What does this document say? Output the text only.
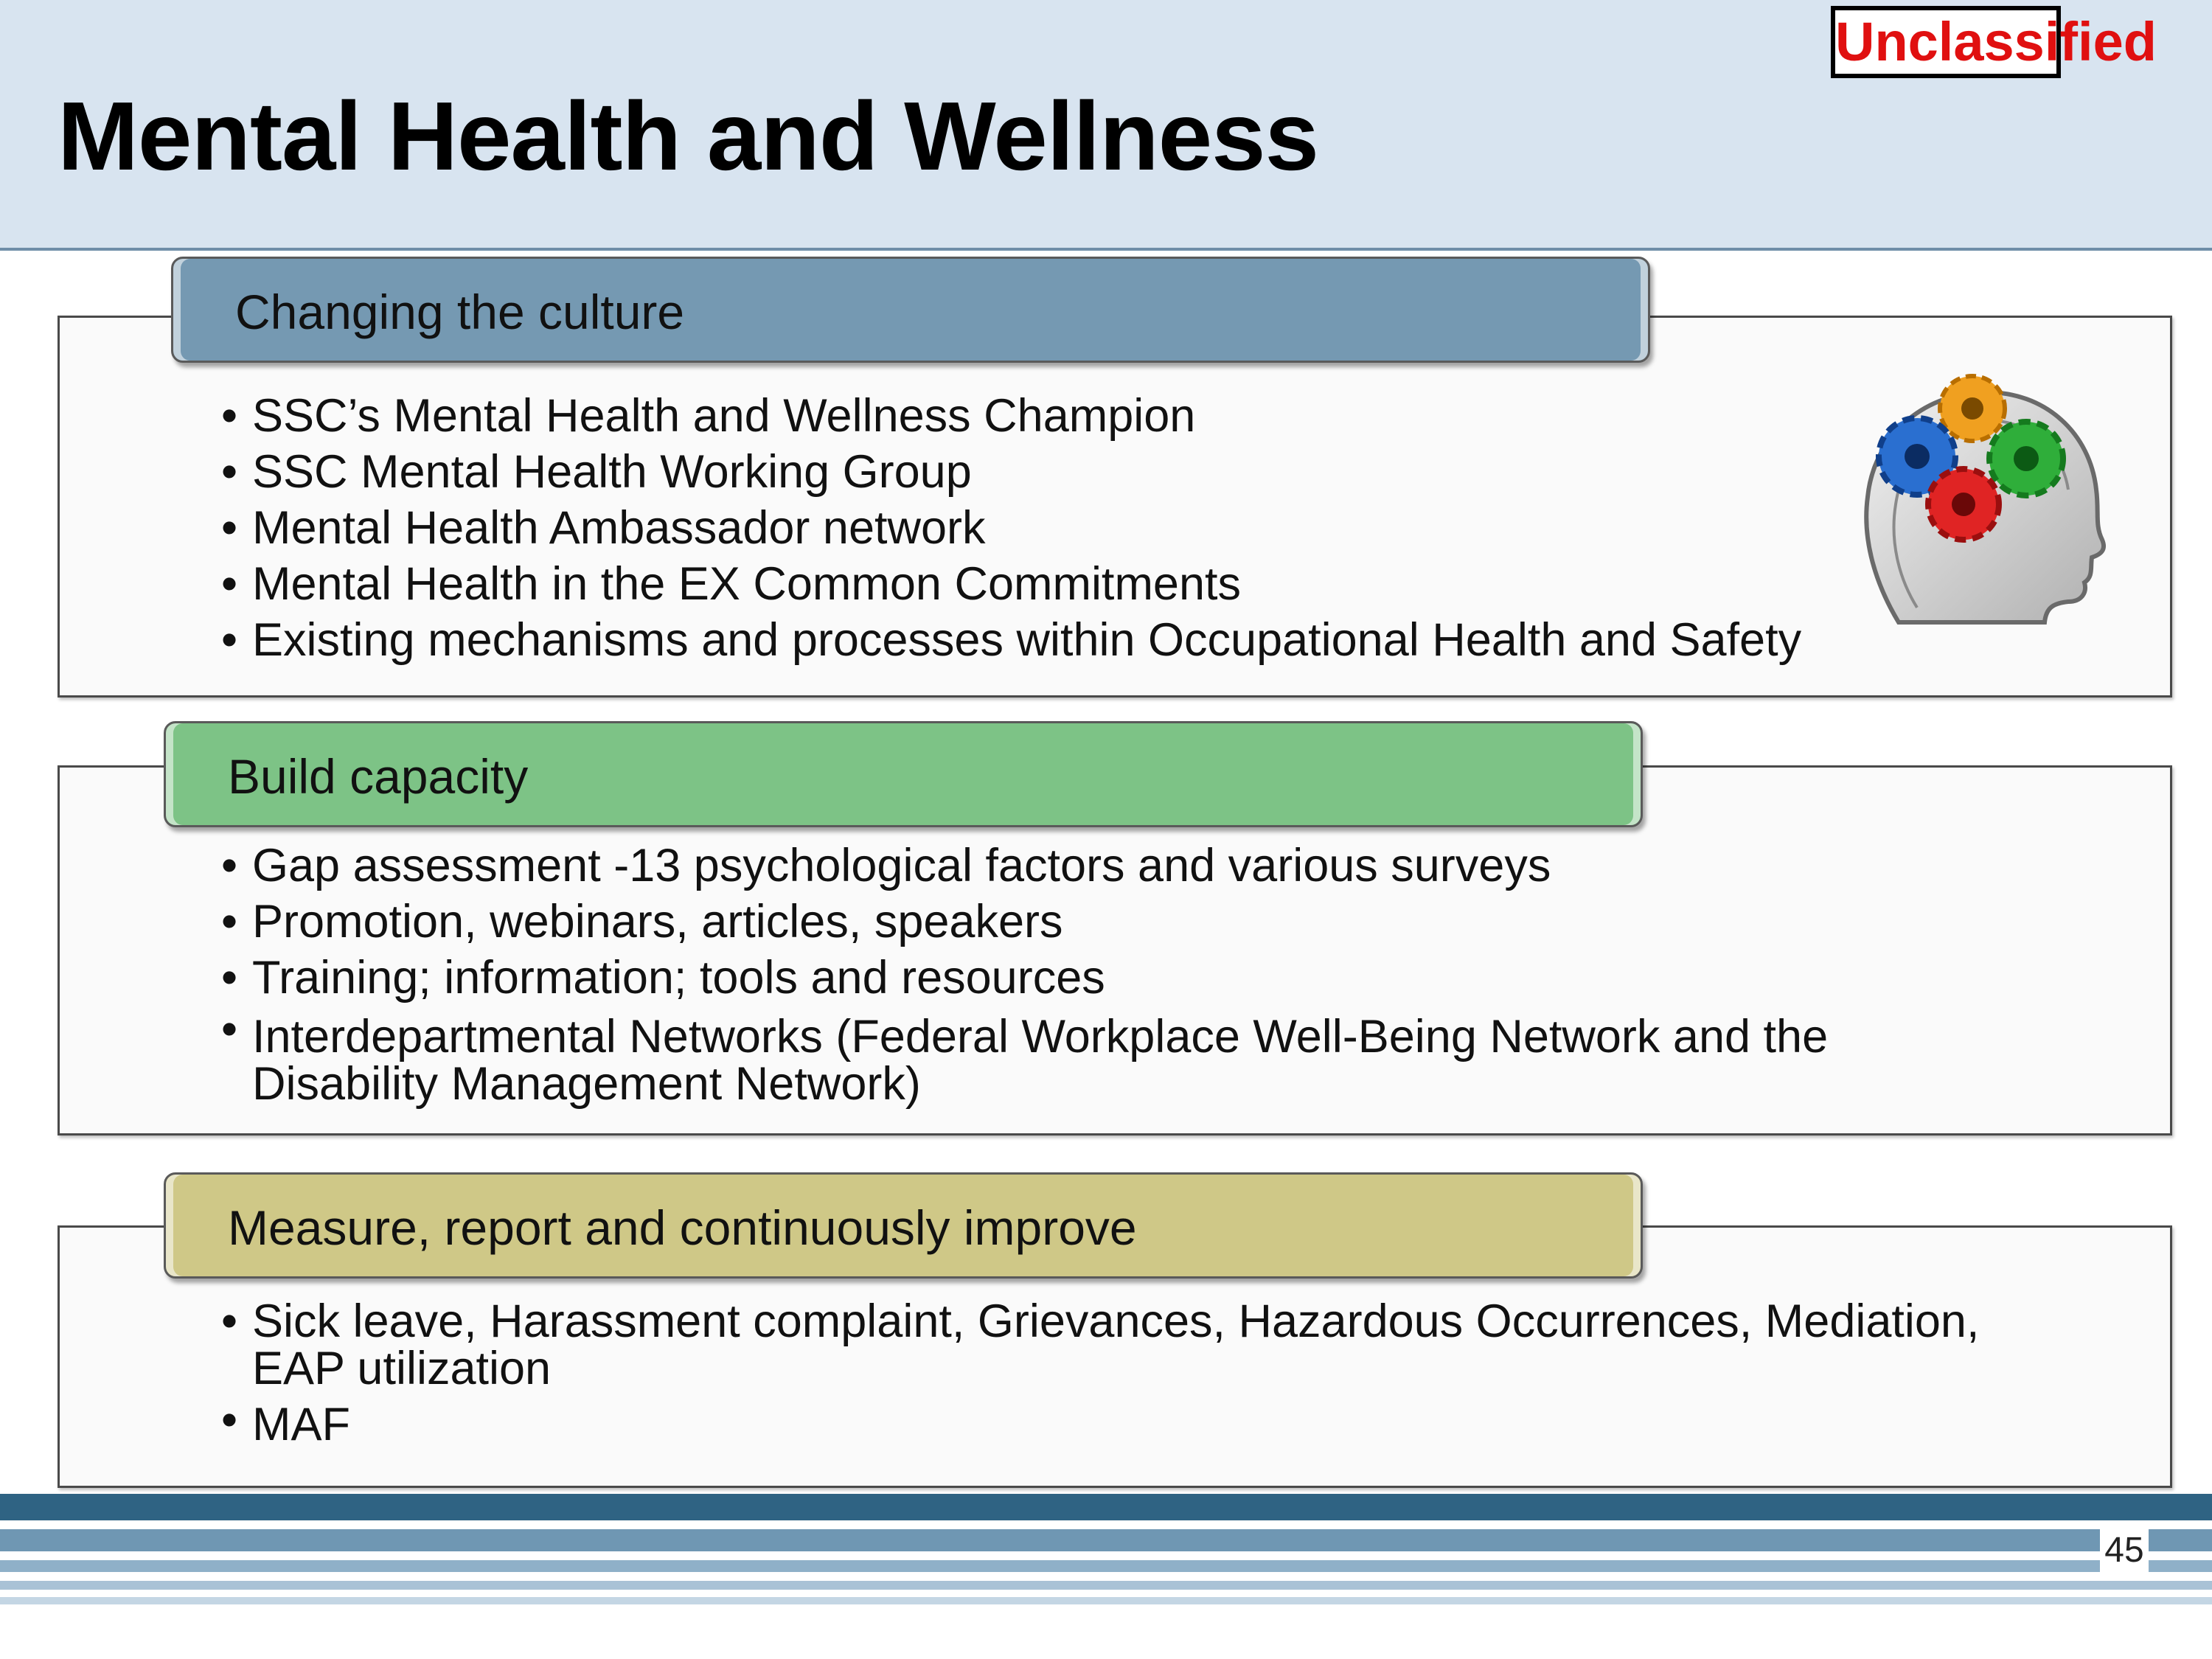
Mental Health and Wellness
Unclassified
Changing the culture
• SSC’s Mental Health and Wellness Champion
• SSC Mental Health Working Group
• Mental Health Ambassador network
• Mental Health in the EX Common Commitments
• Existing mechanisms and processes within Occupational Health and Safety
Build capacity
• Gap assessment -13 psychological factors and various surveys
• Promotion, webinars, articles, speakers
• Training; information; tools and resources
• Interdepartmental Networks (Federal Workplace Well-Being Network and the Disability Management Network)
Measure, report and continuously improve
• Sick leave, Harassment complaint, Grievances, Hazardous Occurrences, Mediation, EAP utilization
• MAF
45
